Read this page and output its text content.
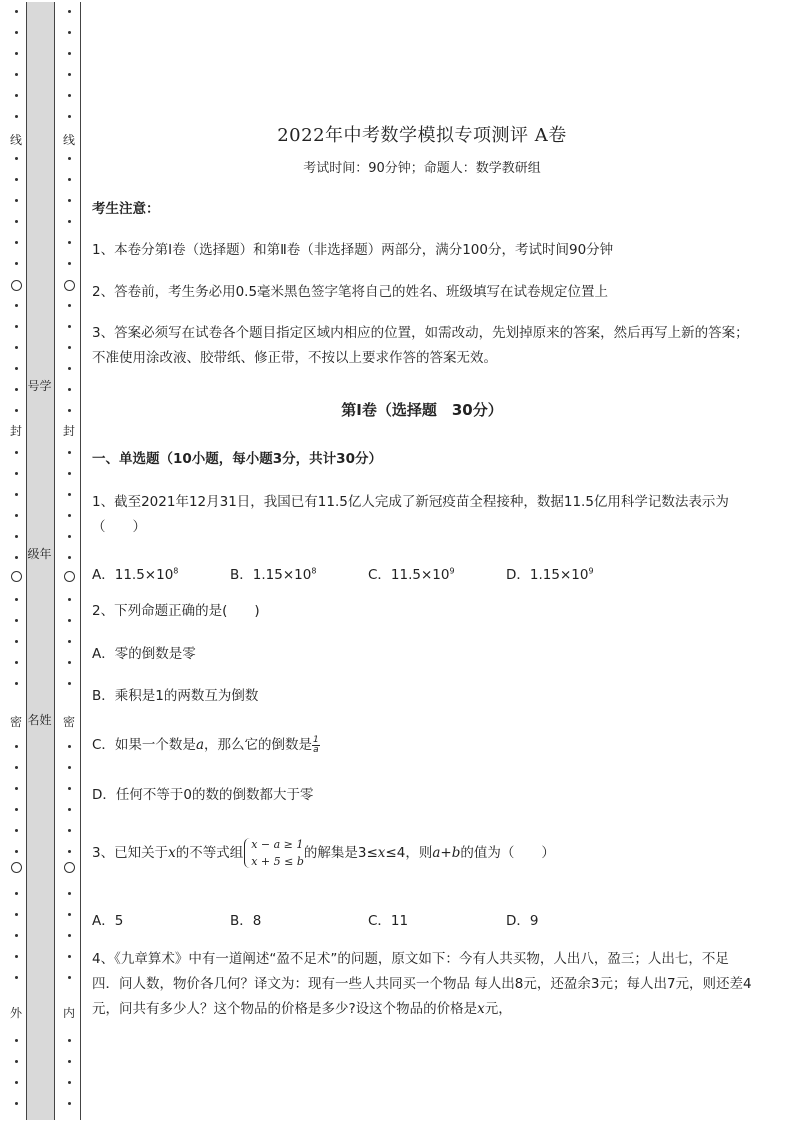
线
封
密
外
线
封
密
内
号学
级年
名姓
2022年中考数学模拟专项测评 A卷
考试时间：90分钟；命题人：数学教研组
考生注意：
1、本卷分第Ⅰ卷（选择题）和第Ⅱ卷（非选择题）两部分，满分100分，考试时间90分钟
2、答卷前，考生务必用0.5毫米黑色签字笔将自己的姓名、班级填写在试卷规定位置上
3、答案必须写在试卷各个题目指定区域内相应的位置，如需改动，先划掉原来的答案，然后再写上新的答案；不准使用涂改液、胶带纸、修正带，不按以上要求作答的答案无效。
第Ⅰ卷（选择题　30分）
一、单选题（10小题，每小题3分，共计30分）
1、截至2021年12月31日，我国已有11.5亿人完成了新冠疫苗全程接种，数据11.5亿用科学记数法表示为（　　）
A．$11.5\times 10^8$	B．$1.15\times 10^8$	C．$11.5\times 10^9$	D．$1.15\times 10^9$
2、下列命题正确的是(　　)
A．零的倒数是零
B．乘积是1的两数互为倒数
C．如果一个数是a，那么它的倒数是 $\frac{1}{a}$
D．任何不等于0的数的倒数都大于零
3、已知关于x的不等式组
x − a ≥ 1
x + 5 ≤ b
的解集是3≤x≤4，则a+b的值为（　　）
A．5	B．8	C．11	D．9
4、《九章算术》中有一道阐述“盈不足术”的问题，原文如下：今有人共买物，人出八，盈三；人出七，不足四．问人数，物价各几何？译文为：现有一些人共同买一个物品 每人出8元，还盈余3元；每人出7元，则还差4元，问共有多少人？这个物品的价格是多少?设这个物品的价格是x元，
